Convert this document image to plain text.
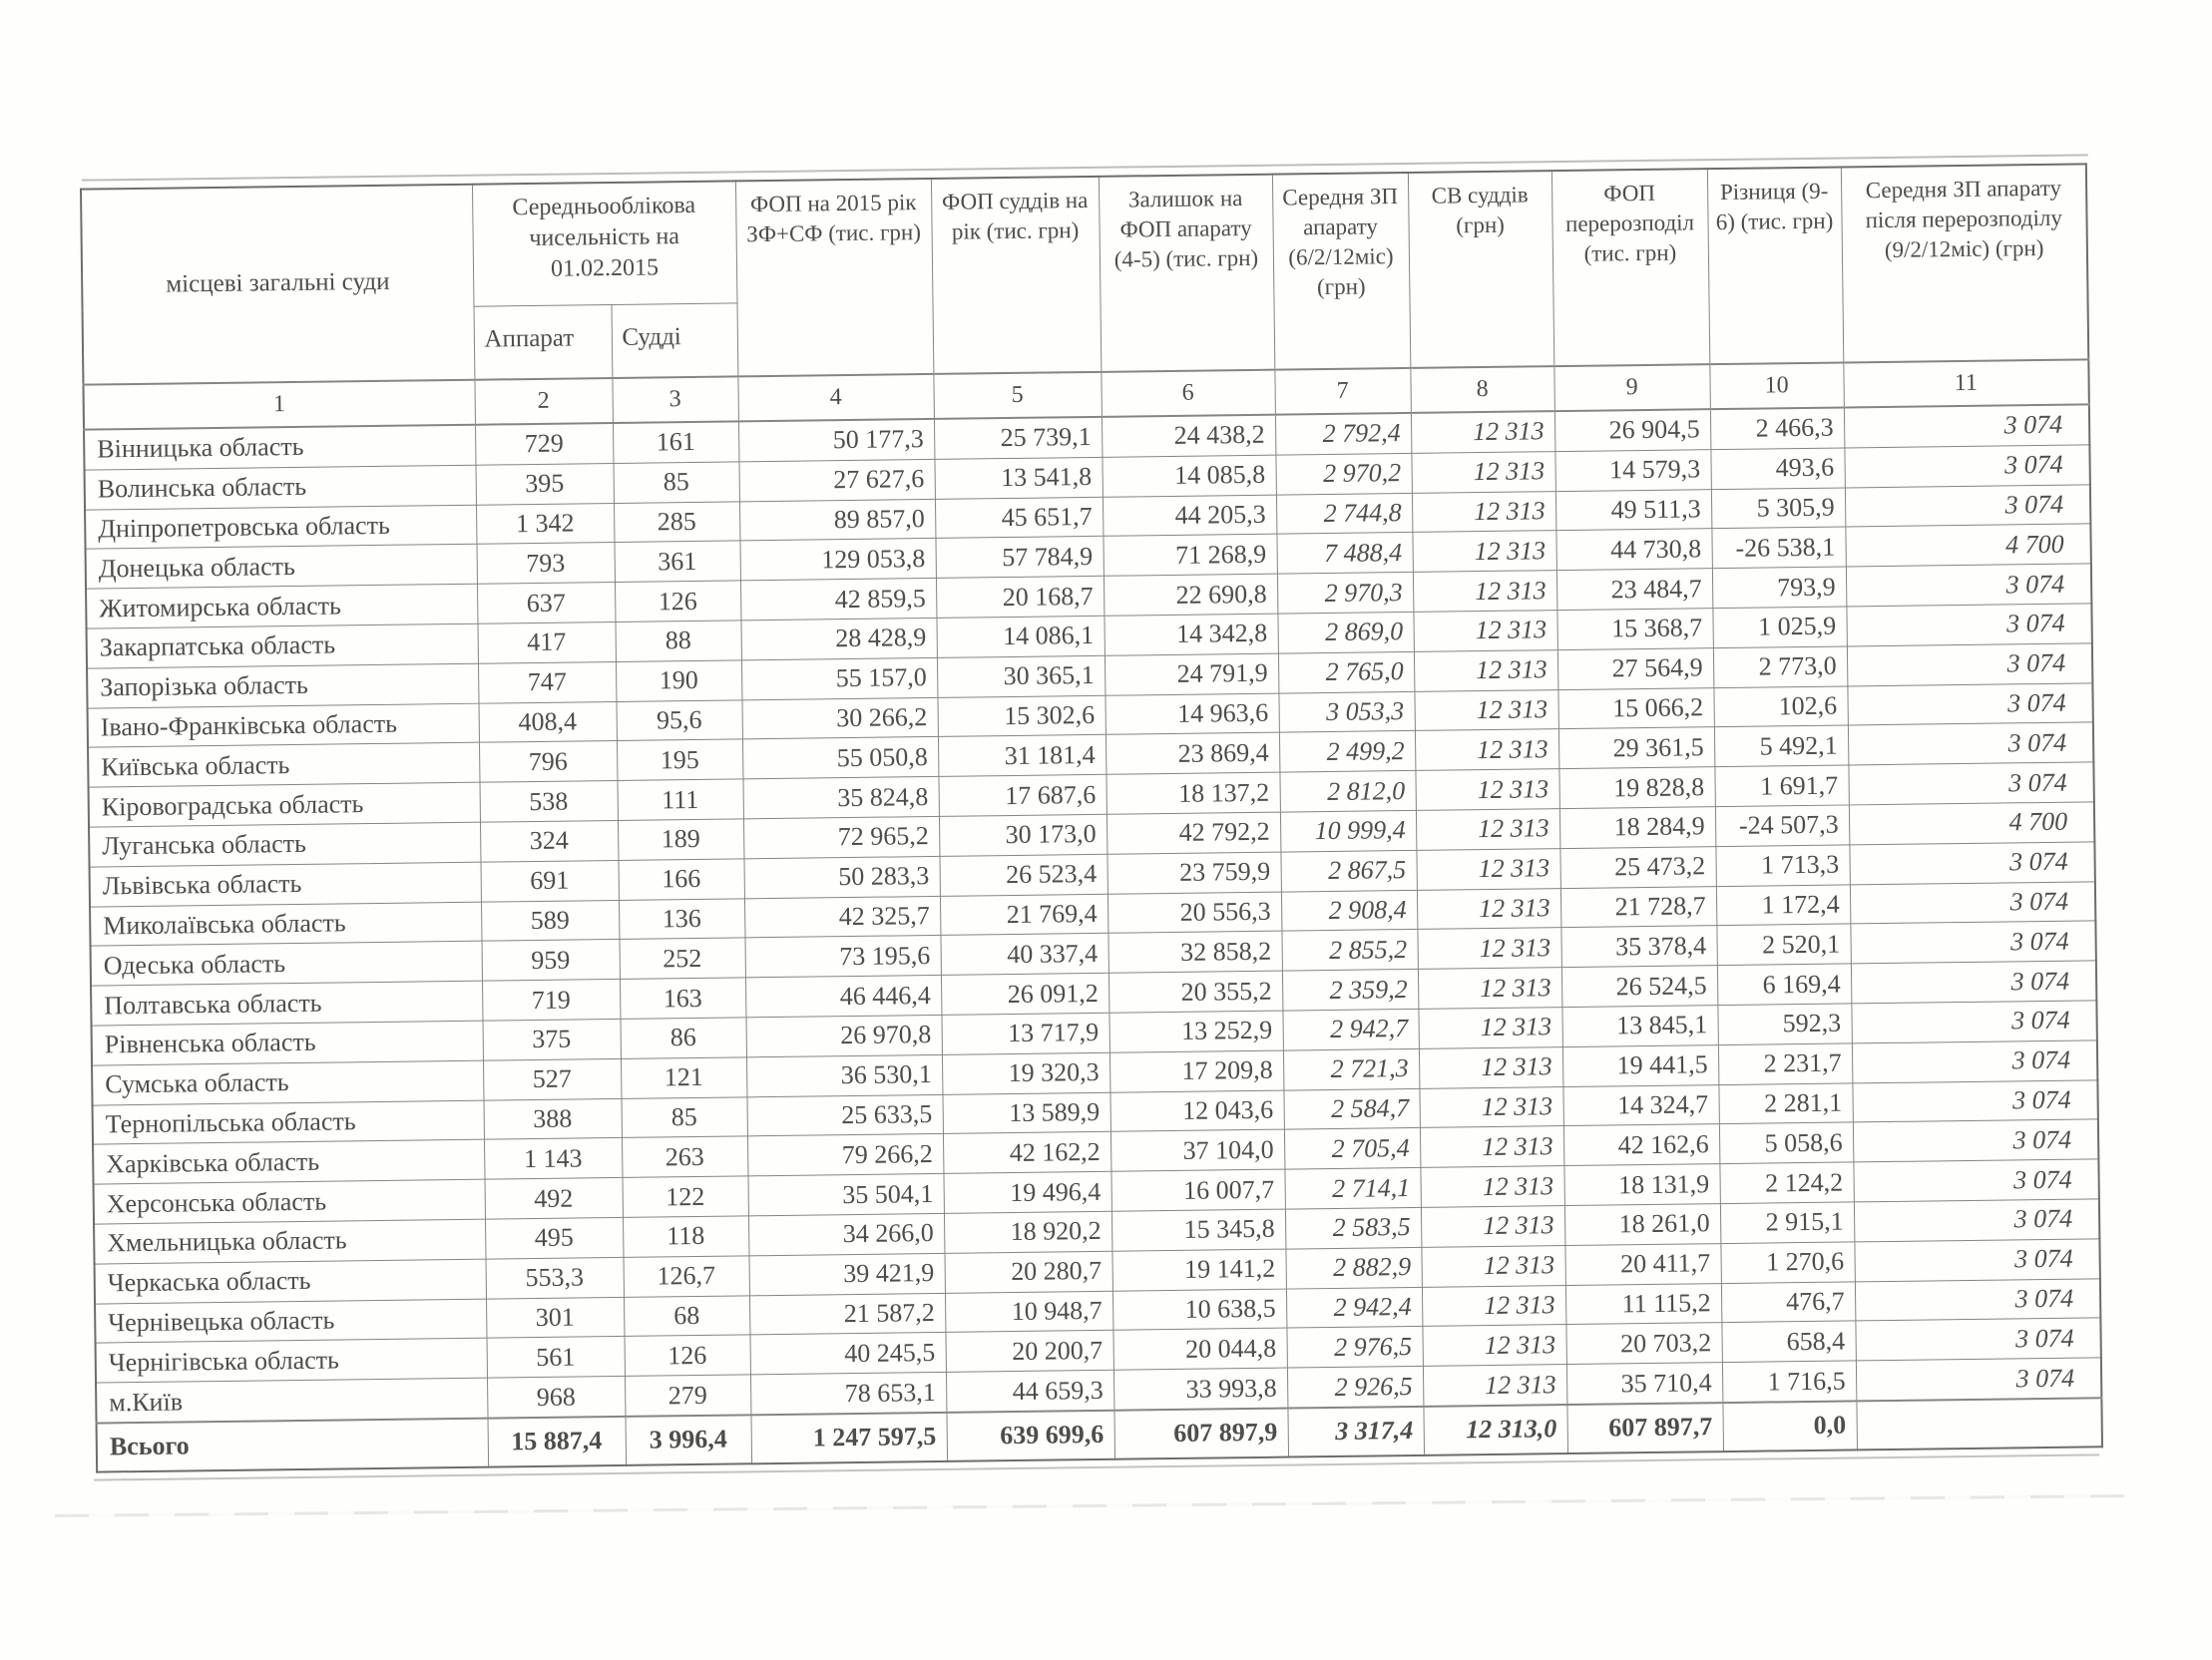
місцеві загальні суди	Середньооблікова чисельність на 01.02.2015		ФОП на 2015 рік ЗФ+СФ (тис. грн)	ФОП суддів на рік (тис. грн)	Залишок на ФОП апарату (4-5) (тис. грн)	Середня ЗП апарату (6/2/12міс) (грн)	СВ суддів (грн)	ФОП перерозподіл (тис. грн)	Різниця (9-6) (тис. грн)	Середня ЗП апарату після перерозподілу (9/2/12міс) (грн)
	Аппарат	Судді								
1	2	3	4	5	6	7	8	9	10	11
Вінницька область	729	161	50 177,3	25 739,1	24 438,2	2 792,4	12 313	26 904,5	2 466,3	3 074
Волинська область	395	85	27 627,6	13 541,8	14 085,8	2 970,2	12 313	14 579,3	493,6	3 074
Дніпропетровська область	1 342	285	89 857,0	45 651,7	44 205,3	2 744,8	12 313	49 511,3	5 305,9	3 074
Донецька область	793	361	129 053,8	57 784,9	71 268,9	7 488,4	12 313	44 730,8	-26 538,1	4 700
Житомирська область	637	126	42 859,5	20 168,7	22 690,8	2 970,3	12 313	23 484,7	793,9	3 074
Закарпатська область	417	88	28 428,9	14 086,1	14 342,8	2 869,0	12 313	15 368,7	1 025,9	3 074
Запорізька область	747	190	55 157,0	30 365,1	24 791,9	2 765,0	12 313	27 564,9	2 773,0	3 074
Івано-Франківська область	408,4	95,6	30 266,2	15 302,6	14 963,6	3 053,3	12 313	15 066,2	102,6	3 074
Київська область	796	195	55 050,8	31 181,4	23 869,4	2 499,2	12 313	29 361,5	5 492,1	3 074
Кіровоградська область	538	111	35 824,8	17 687,6	18 137,2	2 812,0	12 313	19 828,8	1 691,7	3 074
Луганська область	324	189	72 965,2	30 173,0	42 792,2	10 999,4	12 313	18 284,9	-24 507,3	4 700
Львівська область	691	166	50 283,3	26 523,4	23 759,9	2 867,5	12 313	25 473,2	1 713,3	3 074
Миколаївська область	589	136	42 325,7	21 769,4	20 556,3	2 908,4	12 313	21 728,7	1 172,4	3 074
Одеська область	959	252	73 195,6	40 337,4	32 858,2	2 855,2	12 313	35 378,4	2 520,1	3 074
Полтавська область	719	163	46 446,4	26 091,2	20 355,2	2 359,2	12 313	26 524,5	6 169,4	3 074
Рівненська область	375	86	26 970,8	13 717,9	13 252,9	2 942,7	12 313	13 845,1	592,3	3 074
Сумська область	527	121	36 530,1	19 320,3	17 209,8	2 721,3	12 313	19 441,5	2 231,7	3 074
Тернопільська область	388	85	25 633,5	13 589,9	12 043,6	2 584,7	12 313	14 324,7	2 281,1	3 074
Харківська область	1 143	263	79 266,2	42 162,2	37 104,0	2 705,4	12 313	42 162,6	5 058,6	3 074
Херсонська область	492	122	35 504,1	19 496,4	16 007,7	2 714,1	12 313	18 131,9	2 124,2	3 074
Хмельницька область	495	118	34 266,0	18 920,2	15 345,8	2 583,5	12 313	18 261,0	2 915,1	3 074
Черкаська область	553,3	126,7	39 421,9	20 280,7	19 141,2	2 882,9	12 313	20 411,7	1 270,6	3 074
Чернівецька область	301	68	21 587,2	10 948,7	10 638,5	2 942,4	12 313	11 115,2	476,7	3 074
Чернігівська область	561	126	40 245,5	20 200,7	20 044,8	2 976,5	12 313	20 703,2	658,4	3 074
м.Київ	968	279	78 653,1	44 659,3	33 993,8	2 926,5	12 313	35 710,4	1 716,5	3 074
Всього	15 887,4	3 996,4	1 247 597,5	639 699,6	607 897,9	3 317,4	12 313,0	607 897,7	0,0	
